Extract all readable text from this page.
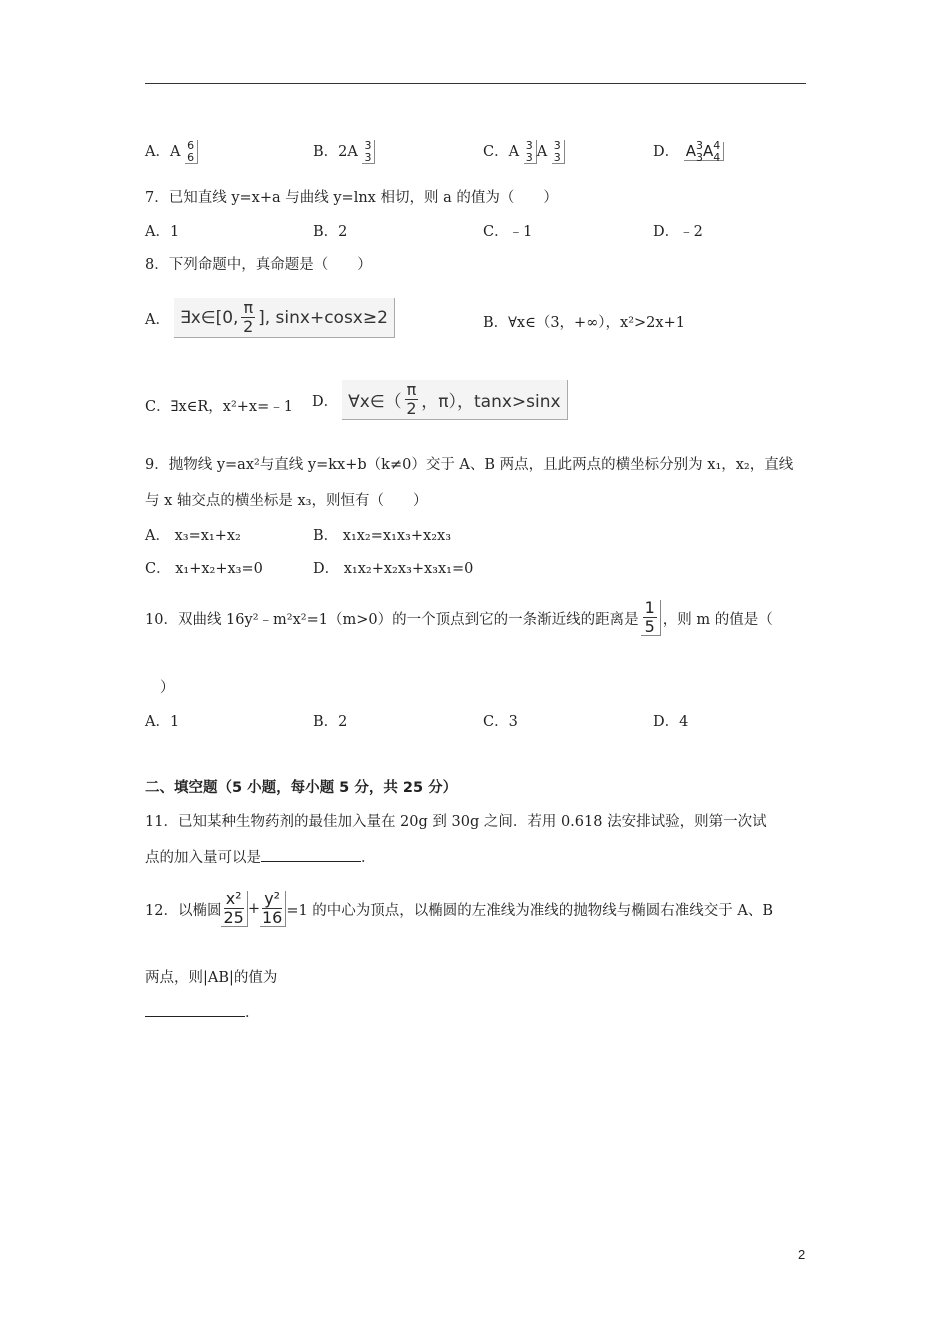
A．A 6
6	B．2A 3
3	C．A 3
3 A 3
3	D． A 3
3 A 4
4
7．已知直线 y=x+a 与曲线 y=lnx 相切，则 a 的值为（　　）
A．1	B．2	C．﹣1	D．﹣2
8．下列命题中，真命题是（　　）
A． ∃x∈[0, $\frac{\pi}{2}$ ], sinx+cosx≥2	B．∀x∈（3，+∞），x²>2x+1
C．∃x∈R，x²+x=﹣1 D． ∀x∈（ $\frac{\pi}{2}$ ，π），tanx>sinx
9．抛物线 y=ax²与直线 y=kx+b（k≠0）交于 A、B 两点，且此两点的横坐标分别为 x₁，x₂，直线
与 x 轴交点的横坐标是 x₃，则恒有（　　）
A． x₃=x₁+x₂	B． x₁x₂=x₁x₃+x₂x₃
C． x₁+x₂+x₃=0	D． x₁x₂+x₂x₃+x₃x₁=0
10．双曲线 16y²﹣m²x²=1（m>0）的一个顶点到它的一条渐近线的距离是 $\frac{1}{5}$ ，则 m 的值是（
）
A．1	B．2	C．3	D．4
二、填空题（5 小题，每小题 5 分，共 25 分）
11．已知某种生物药剂的最佳加入量在 20g 到 30g 之间．若用 0.618 法安排试验，则第一次试
点的加入量可以是	．
12．以椭圆 $\frac{\text{x²}}{25} + \frac{\text{y²}}{16} =1$ 的中心为顶点，以椭圆的左准线为准线的抛物线与椭圆右准线交于 A、B
两点，则|AB|的值为
．
2
